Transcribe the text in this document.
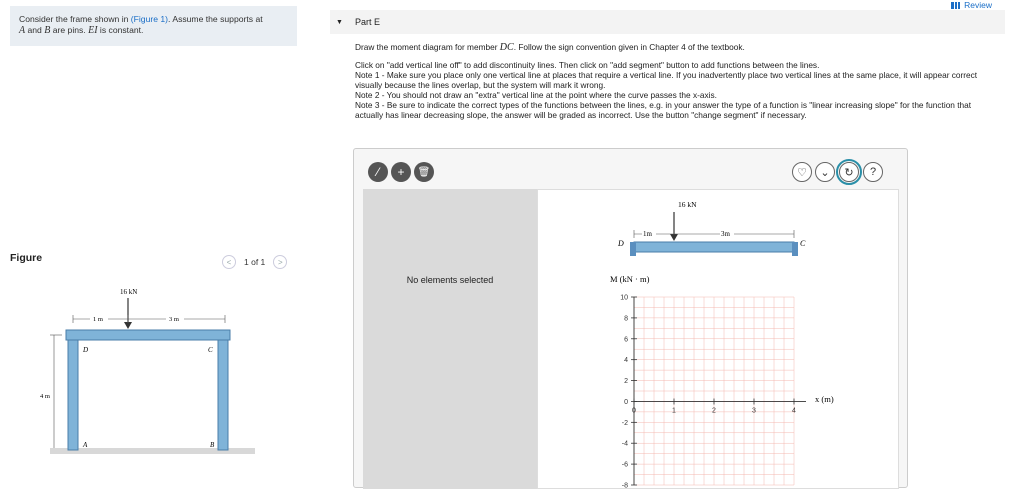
Consider the frame shown in (Figure 1). Assume the supports at
A and B are pins. EI is constant.
Figure	<	1 of 1	>
16 kN
1 m	3 m
4 m
D	C
A	B
Review
▼ Part E

Draw the moment diagram for member DC. Follow the sign convention given in Chapter 4 of the textbook.

Click on "add vertical line off" to add discontinuity lines. Then click on "add segment" button to add functions between the lines.

Note 1 - Make sure you place only one vertical line at places that require a vertical line. If you inadvertently place two vertical lines at the same place, it will appear correct visually because the lines overlap, but the system will mark it wrong.

Note 2 - You should not draw an "extra" vertical line at the point where the curve passes the x-axis.

Note 3 - Be sure to indicate the correct types of the functions between the lines, e.g. in your answer the type of a function is "linear increasing slope" for the function that actually has linear decreasing slope, the answer will be graded as incorrect. Use the button "change segment" if necessary.

⁄	+	🗑	♡	⌄	↻	?
No elements selected
16 kN
1m	3m
D	C
M (kN · m)
x (m)
10
8
6
4
2
0
-2
-4
-6
-8
0	1	2	3	4
